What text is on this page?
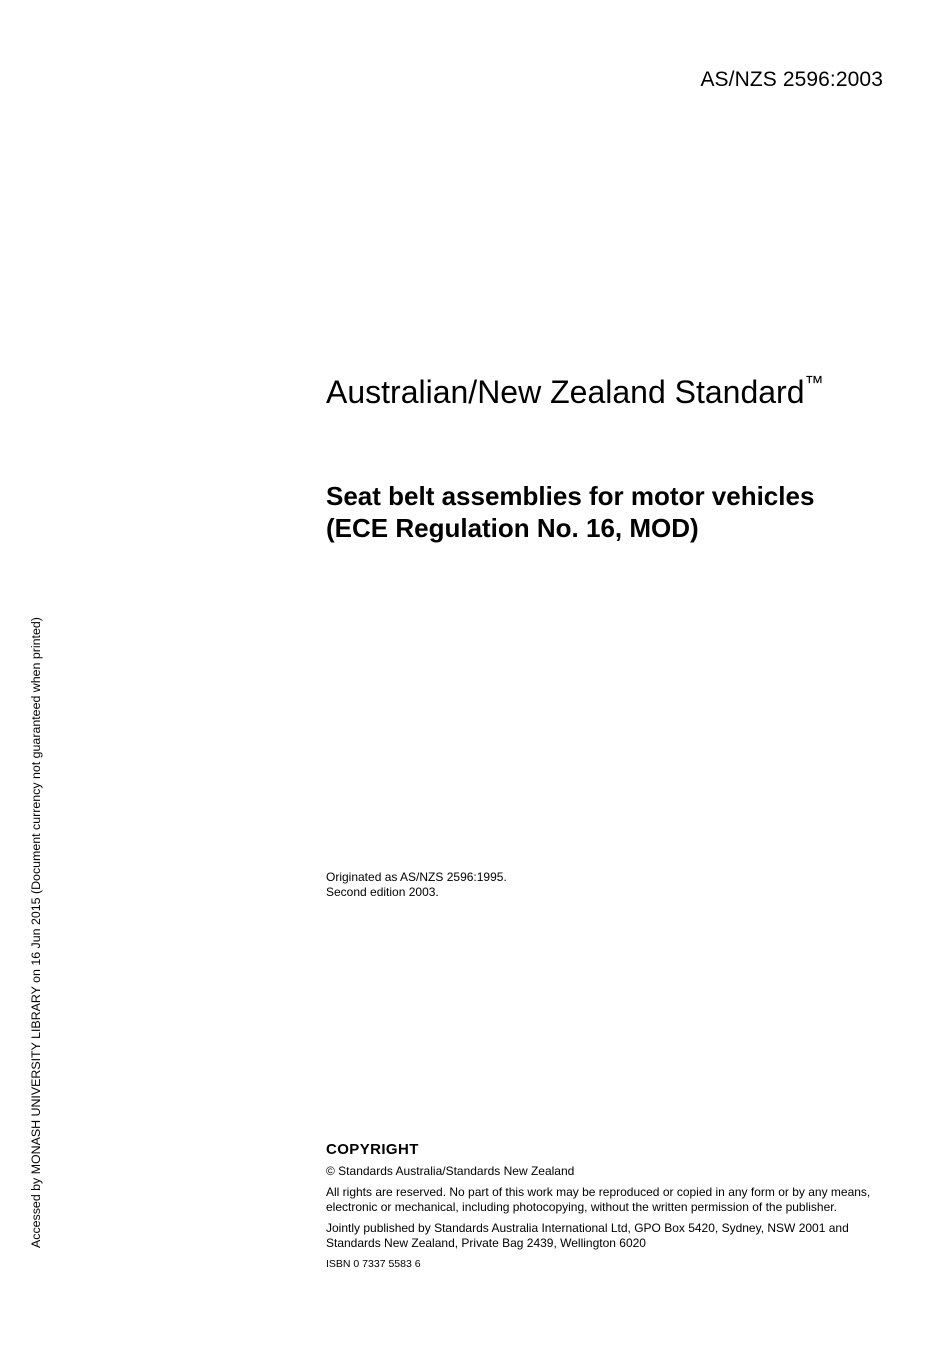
AS/NZS 2596:2003
Australian/New Zealand Standard™
Seat belt assemblies for motor vehicles
(ECE Regulation No. 16, MOD)
Originated as AS/NZS 2596:1995.
Second edition 2003.
COPYRIGHT

© Standards Australia/Standards New Zealand

All rights are reserved. No part of this work may be reproduced or copied in any form or by any means, electronic or mechanical, including photocopying, without the written permission of the publisher.

Jointly published by Standards Australia International Ltd, GPO Box 5420, Sydney, NSW 2001 and Standards New Zealand, Private Bag 2439, Wellington 6020

ISBN 0 7337 5583 6

Accessed by MONASH UNIVERSITY LIBRARY on 16 Jun 2015 (Document currency not guaranteed when printed)
